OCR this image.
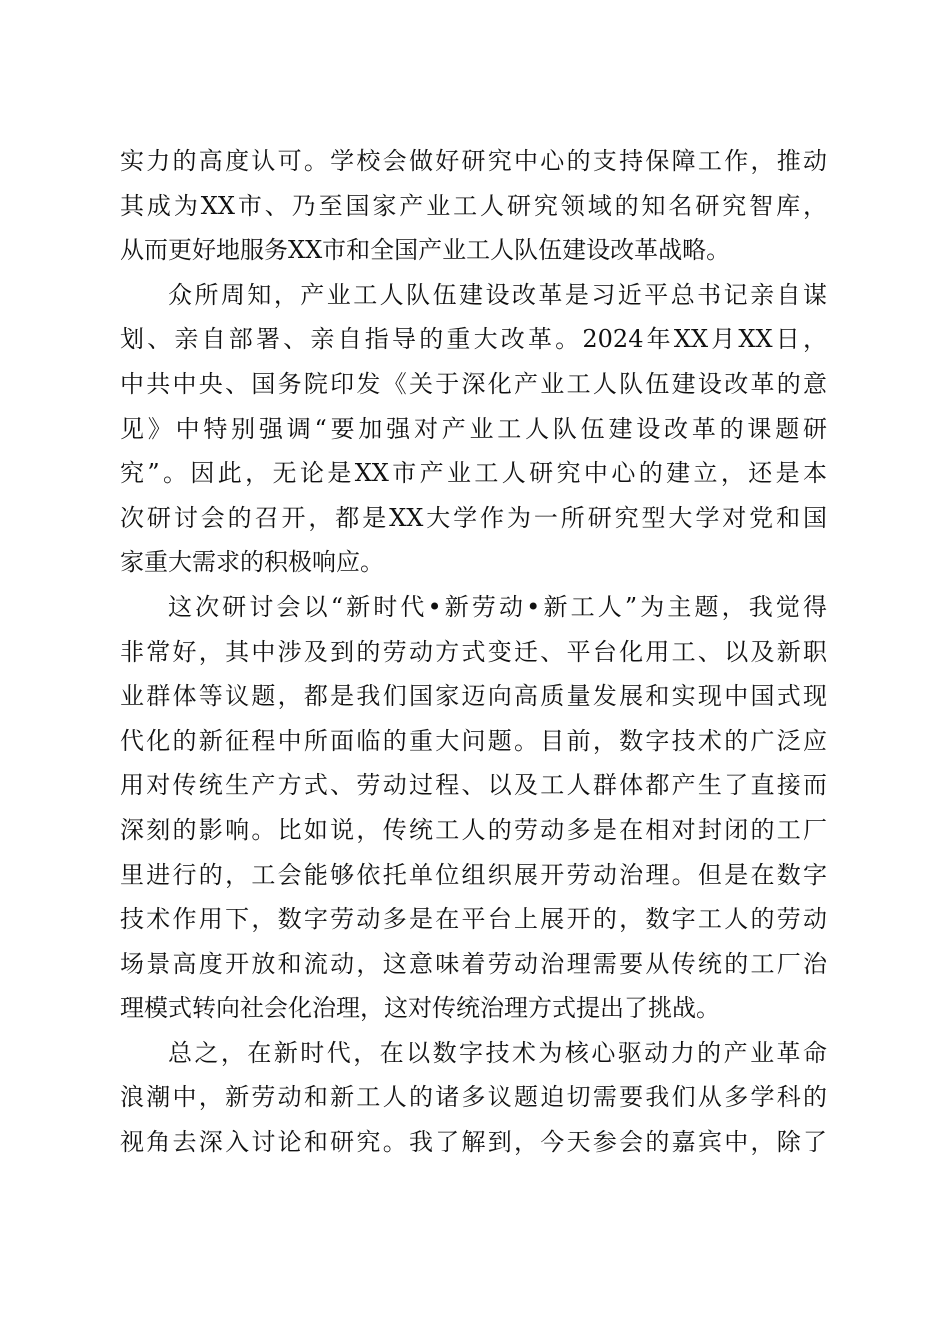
实力的高度认可。学校会做好研究中心的支持保障工作，推动
其成为XX市、乃至国家产业工人研究领域的知名研究智库，
从而更好地服务XX市和全国产业工人队伍建设改革战略。
众所周知，产业工人队伍建设改革是习近平总书记亲自谋
划、亲自部署、亲自指导的重大改革。2024年XX月XX日，
中共中央、国务院印发《关于深化产业工人队伍建设改革的意
见》中特别强调“要加强对产业工人队伍建设改革的课题研
究”。因此，无论是XX市产业工人研究中心的建立，还是本
次研讨会的召开，都是XX大学作为一所研究型大学对党和国
家重大需求的积极响应。
这次研讨会以“新时代•新劳动•新工人”为主题，我觉得
非常好，其中涉及到的劳动方式变迁、平台化用工、以及新职
业群体等议题，都是我们国家迈向高质量发展和实现中国式现
代化的新征程中所面临的重大问题。目前，数字技术的广泛应
用对传统生产方式、劳动过程、以及工人群体都产生了直接而
深刻的影响。比如说，传统工人的劳动多是在相对封闭的工厂
里进行的，工会能够依托单位组织展开劳动治理。但是在数字
技术作用下，数字劳动多是在平台上展开的，数字工人的劳动
场景高度开放和流动，这意味着劳动治理需要从传统的工厂治
理模式转向社会化治理，这对传统治理方式提出了挑战。
总之，在新时代，在以数字技术为核心驱动力的产业革命
浪潮中，新劳动和新工人的诸多议题迫切需要我们从多学科的
视角去深入讨论和研究。我了解到，今天参会的嘉宾中，除了
